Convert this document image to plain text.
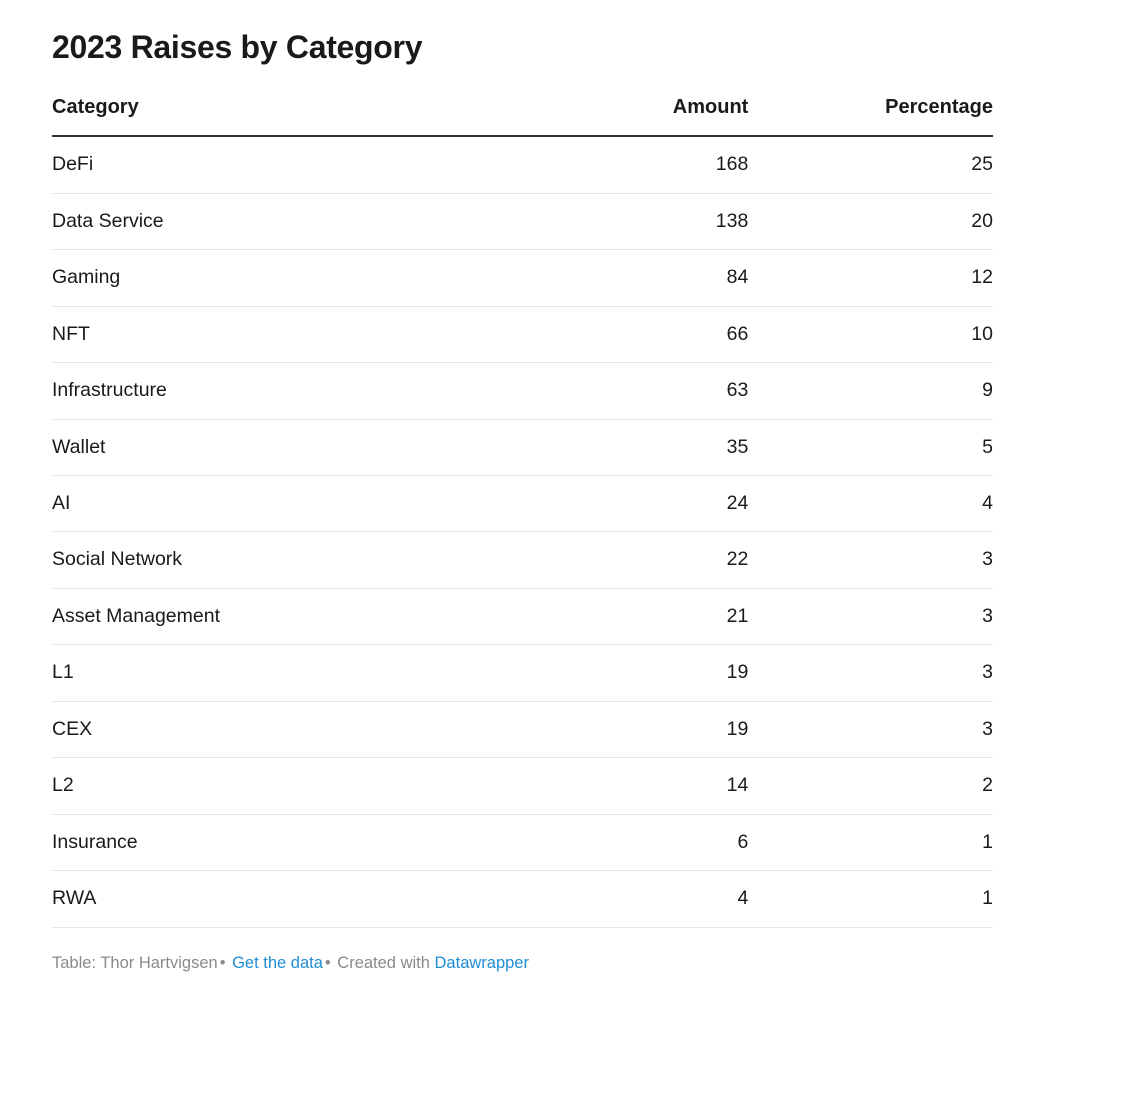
2023 Raises by Category
Category	Amount	Percentage
DeFi	168	25
Data Service	138	20
Gaming	84	12
NFT	66	10
Infrastructure	63	9
Wallet	35	5
AI	24	4
Social Network	22	3
Asset Management	21	3
L1	19	3
CEX	19	3
L2	14	2
Insurance	6	1
RWA	4	1
Table: Thor Hartvigsen • Get the data • Created with Datawrapper
